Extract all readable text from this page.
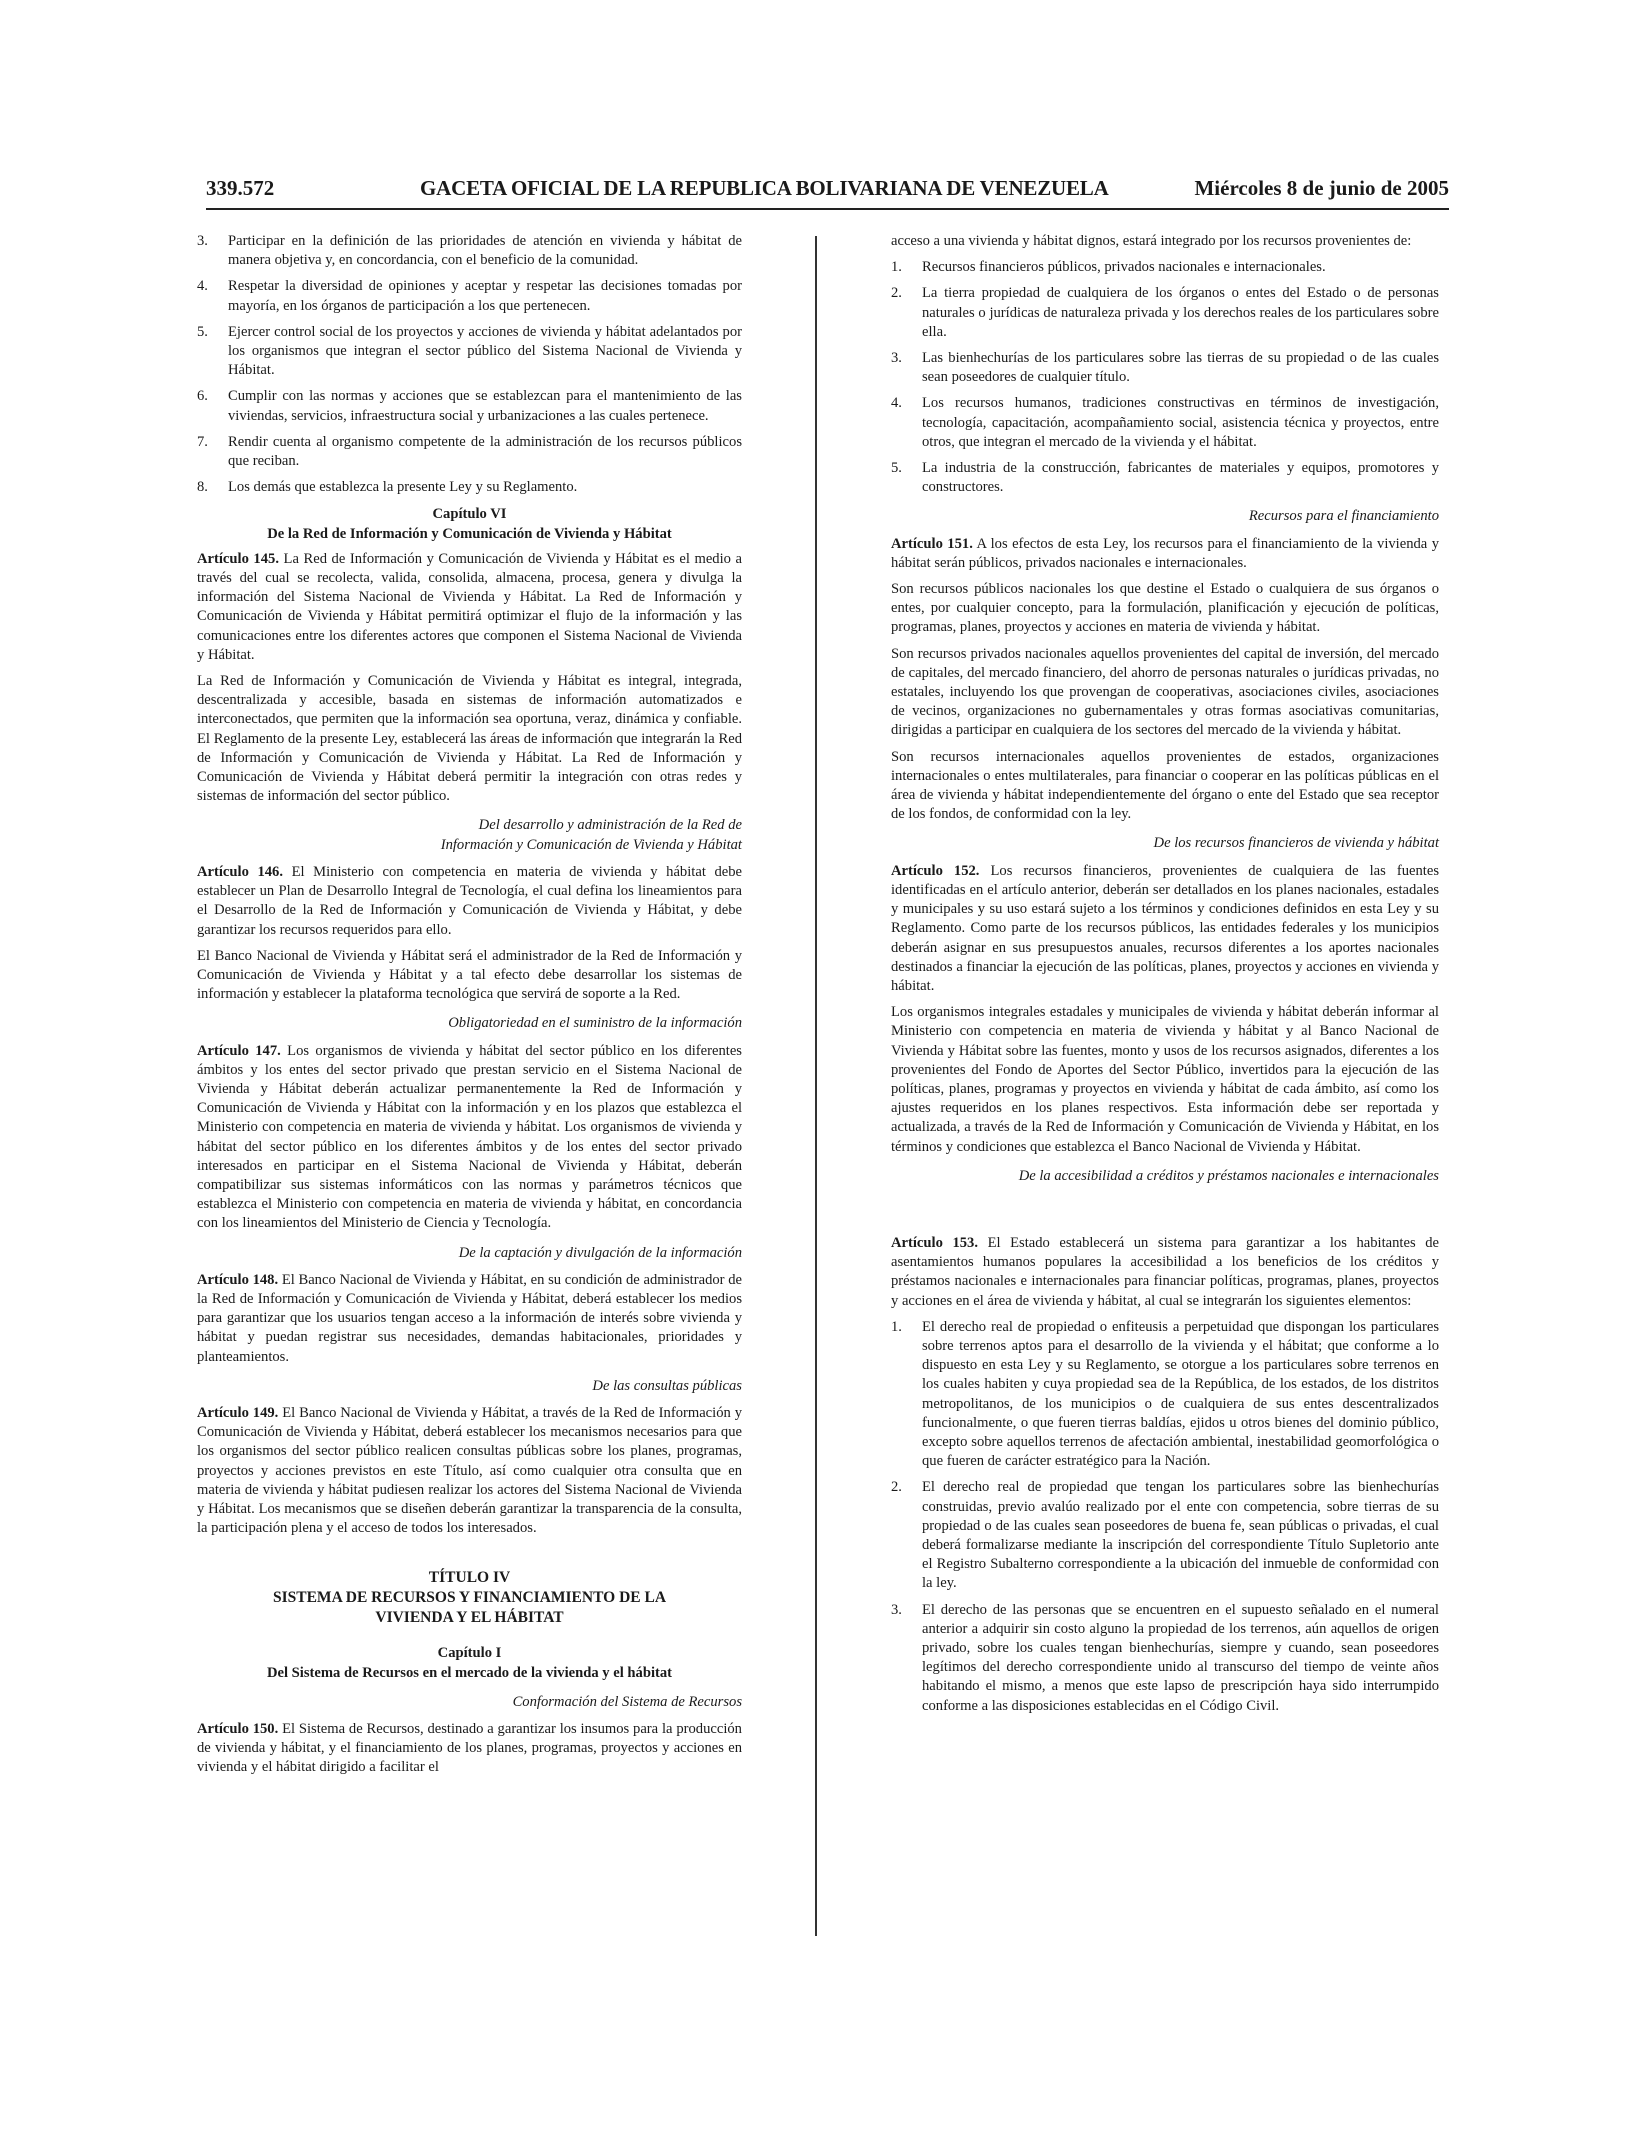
339.572	GACETA OFICIAL DE LA REPUBLICA BOLIVARIANA DE VENEZUELA	Miércoles 8 de junio de 2005
3. Participar en la definición de las prioridades de atención en vivienda y hábitat de manera objetiva y, en concordancia, con el beneficio de la comunidad.
4. Respetar la diversidad de opiniones y aceptar y respetar las decisiones tomadas por mayoría, en los órganos de participación a los que pertenecen.
5. Ejercer control social de los proyectos y acciones de vivienda y hábitat adelantados por los organismos que integran el sector público del Sistema Nacional de Vivienda y Hábitat.
6. Cumplir con las normas y acciones que se establezcan para el mantenimiento de las viviendas, servicios, infraestructura social y urbanizaciones a las cuales pertenece.
7. Rendir cuenta al organismo competente de la administración de los recursos públicos que reciban.
8. Los demás que establezca la presente Ley y su Reglamento.
Capítulo VI
De la Red de Información y Comunicación de Vivienda y Hábitat

Artículo 145. La Red de Información y Comunicación de Vivienda y Hábitat es el medio a través del cual se recolecta, valida, consolida, almacena, procesa, genera y divulga la información del Sistema Nacional de Vivienda y Hábitat. La Red de Información y Comunicación de Vivienda y Hábitat permitirá optimizar el flujo de la información y las comunicaciones entre los diferentes actores que componen el Sistema Nacional de Vivienda y Hábitat.

La Red de Información y Comunicación de Vivienda y Hábitat es integral, integrada, descentralizada y accesible, basada en sistemas de información automatizados e interconectados, que permiten que la información sea oportuna, veraz, dinámica y confiable. El Reglamento de la presente Ley, establecerá las áreas de información que integrarán la Red de Información y Comunicación de Vivienda y Hábitat. La Red de Información y Comunicación de Vivienda y Hábitat deberá permitir la integración con otras redes y sistemas de información del sector público.

Del desarrollo y administración de la Red de
Información y Comunicación de Vivienda y Hábitat

Artículo 146. El Ministerio con competencia en materia de vivienda y hábitat debe establecer un Plan de Desarrollo Integral de Tecnología, el cual defina los lineamientos para el Desarrollo de la Red de Información y Comunicación de Vivienda y Hábitat, y debe garantizar los recursos requeridos para ello.

El Banco Nacional de Vivienda y Hábitat será el administrador de la Red de Información y Comunicación de Vivienda y Hábitat y a tal efecto debe desarrollar los sistemas de información y establecer la plataforma tecnológica que servirá de soporte a la Red.

Obligatoriedad en el suministro de la información

Artículo 147. Los organismos de vivienda y hábitat del sector público en los diferentes ámbitos y los entes del sector privado que prestan servicio en el Sistema Nacional de Vivienda y Hábitat deberán actualizar permanentemente la Red de Información y Comunicación de Vivienda y Hábitat con la información y en los plazos que establezca el Ministerio con competencia en materia de vivienda y hábitat. Los organismos de vivienda y hábitat del sector público en los diferentes ámbitos y de los entes del sector privado interesados en participar en el Sistema Nacional de Vivienda y Hábitat, deberán compatibilizar sus sistemas informáticos con las normas y parámetros técnicos que establezca el Ministerio con competencia en materia de vivienda y hábitat, en concordancia con los lineamientos del Ministerio de Ciencia y Tecnología.

De la captación y divulgación de la información

Artículo 148. El Banco Nacional de Vivienda y Hábitat, en su condición de administrador de la Red de Información y Comunicación de Vivienda y Hábitat, deberá establecer los medios para garantizar que los usuarios tengan acceso a la información de interés sobre vivienda y hábitat y puedan registrar sus necesidades, demandas habitacionales, prioridades y planteamientos.

De las consultas públicas

Artículo 149. El Banco Nacional de Vivienda y Hábitat, a través de la Red de Información y Comunicación de Vivienda y Hábitat, deberá establecer los mecanismos necesarios para que los organismos del sector público realicen consultas públicas sobre los planes, programas, proyectos y acciones previstos en este Título, así como cualquier otra consulta que en materia de vivienda y hábitat pudiesen realizar los actores del Sistema Nacional de Vivienda y Hábitat. Los mecanismos que se diseñen deberán garantizar la transparencia de la consulta, la participación plena y el acceso de todos los interesados.

TÍTULO IV
SISTEMA DE RECURSOS Y FINANCIAMIENTO DE LA
VIVIENDA Y EL HÁBITAT
Capítulo I
Del Sistema de Recursos en el mercado de la vivienda y el hábitat
Conformación del Sistema de Recursos

Artículo 150. El Sistema de Recursos, destinado a garantizar los insumos para la producción de vivienda y hábitat, y el financiamiento de los planes, programas, proyectos y acciones en vivienda y el hábitat dirigido a facilitar el

acceso a una vivienda y hábitat dignos, estará integrado por los recursos provenientes de:

1. Recursos financieros públicos, privados nacionales e internacionales.
2. La tierra propiedad de cualquiera de los órganos o entes del Estado o de personas naturales o jurídicas de naturaleza privada y los derechos reales de los particulares sobre ella.
3. Las bienhechurías de los particulares sobre las tierras de su propiedad o de las cuales sean poseedores de cualquier título.
4. Los recursos humanos, tradiciones constructivas en términos de investigación, tecnología, capacitación, acompañamiento social, asistencia técnica y proyectos, entre otros, que integran el mercado de la vivienda y el hábitat.
5. La industria de la construcción, fabricantes de materiales y equipos, promotores y constructores.
Recursos para el financiamiento

Artículo 151. A los efectos de esta Ley, los recursos para el financiamiento de la vivienda y hábitat serán públicos, privados nacionales e internacionales.

Son recursos públicos nacionales los que destine el Estado o cualquiera de sus órganos o entes, por cualquier concepto, para la formulación, planificación y ejecución de políticas, programas, planes, proyectos y acciones en materia de vivienda y hábitat.

Son recursos privados nacionales aquellos provenientes del capital de inversión, del mercado de capitales, del mercado financiero, del ahorro de personas naturales o jurídicas privadas, no estatales, incluyendo los que provengan de cooperativas, asociaciones civiles, asociaciones de vecinos, organizaciones no gubernamentales y otras formas asociativas comunitarias, dirigidas a participar en cualquiera de los sectores del mercado de la vivienda y hábitat.

Son recursos internacionales aquellos provenientes de estados, organizaciones internacionales o entes multilaterales, para financiar o cooperar en las políticas públicas en el área de vivienda y hábitat independientemente del órgano o ente del Estado que sea receptor de los fondos, de conformidad con la ley.

De los recursos financieros de vivienda y hábitat

Artículo 152. Los recursos financieros, provenientes de cualquiera de las fuentes identificadas en el artículo anterior, deberán ser detallados en los planes nacionales, estadales y municipales y su uso estará sujeto a los términos y condiciones definidos en esta Ley y su Reglamento. Como parte de los recursos públicos, las entidades federales y los municipios deberán asignar en sus presupuestos anuales, recursos diferentes a los aportes nacionales destinados a financiar la ejecución de las políticas, planes, proyectos y acciones en vivienda y hábitat.

Los organismos integrales estadales y municipales de vivienda y hábitat deberán informar al Ministerio con competencia en materia de vivienda y hábitat y al Banco Nacional de Vivienda y Hábitat sobre las fuentes, monto y usos de los recursos asignados, diferentes a los provenientes del Fondo de Aportes del Sector Público, invertidos para la ejecución de las políticas, planes, programas y proyectos en vivienda y hábitat de cada ámbito, así como los ajustes requeridos en los planes respectivos. Esta información debe ser reportada y actualizada, a través de la Red de Información y Comunicación de Vivienda y Hábitat, en los términos y condiciones que establezca el Banco Nacional de Vivienda y Hábitat.

De la accesibilidad a créditos y préstamos nacionales e internacionales

Artículo 153. El Estado establecerá un sistema para garantizar a los habitantes de asentamientos humanos populares la accesibilidad a los beneficios de los créditos y préstamos nacionales e internacionales para financiar políticas, programas, planes, proyectos y acciones en el área de vivienda y hábitat, al cual se integrarán los siguientes elementos:

1. El derecho real de propiedad o enfiteusis a perpetuidad que dispongan los particulares sobre terrenos aptos para el desarrollo de la vivienda y el hábitat; que conforme a lo dispuesto en esta Ley y su Reglamento, se otorgue a los particulares sobre terrenos en los cuales habiten y cuya propiedad sea de la República, de los estados, de los distritos metropolitanos, de los municipios o de cualquiera de sus entes descentralizados funcionalmente, o que fueren tierras baldías, ejidos u otros bienes del dominio público, excepto sobre aquellos terrenos de afectación ambiental, inestabilidad geomorfológica o que fueren de carácter estratégico para la Nación.
2. El derecho real de propiedad que tengan los particulares sobre las bienhechurías construidas, previo avalúo realizado por el ente con competencia, sobre tierras de su propiedad o de las cuales sean poseedores de buena fe, sean públicas o privadas, el cual deberá formalizarse mediante la inscripción del correspondiente Título Supletorio ante el Registro Subalterno correspondiente a la ubicación del inmueble de conformidad con la ley.
3. El derecho de las personas que se encuentren en el supuesto señalado en el numeral anterior a adquirir sin costo alguno la propiedad de los terrenos, aún aquellos de origen privado, sobre los cuales tengan bienhechurías, siempre y cuando, sean poseedores legítimos del derecho correspondiente unido al transcurso del tiempo de veinte años habitando el mismo, a menos que este lapso de prescripción haya sido interrumpido conforme a las disposiciones establecidas en el Código Civil.
